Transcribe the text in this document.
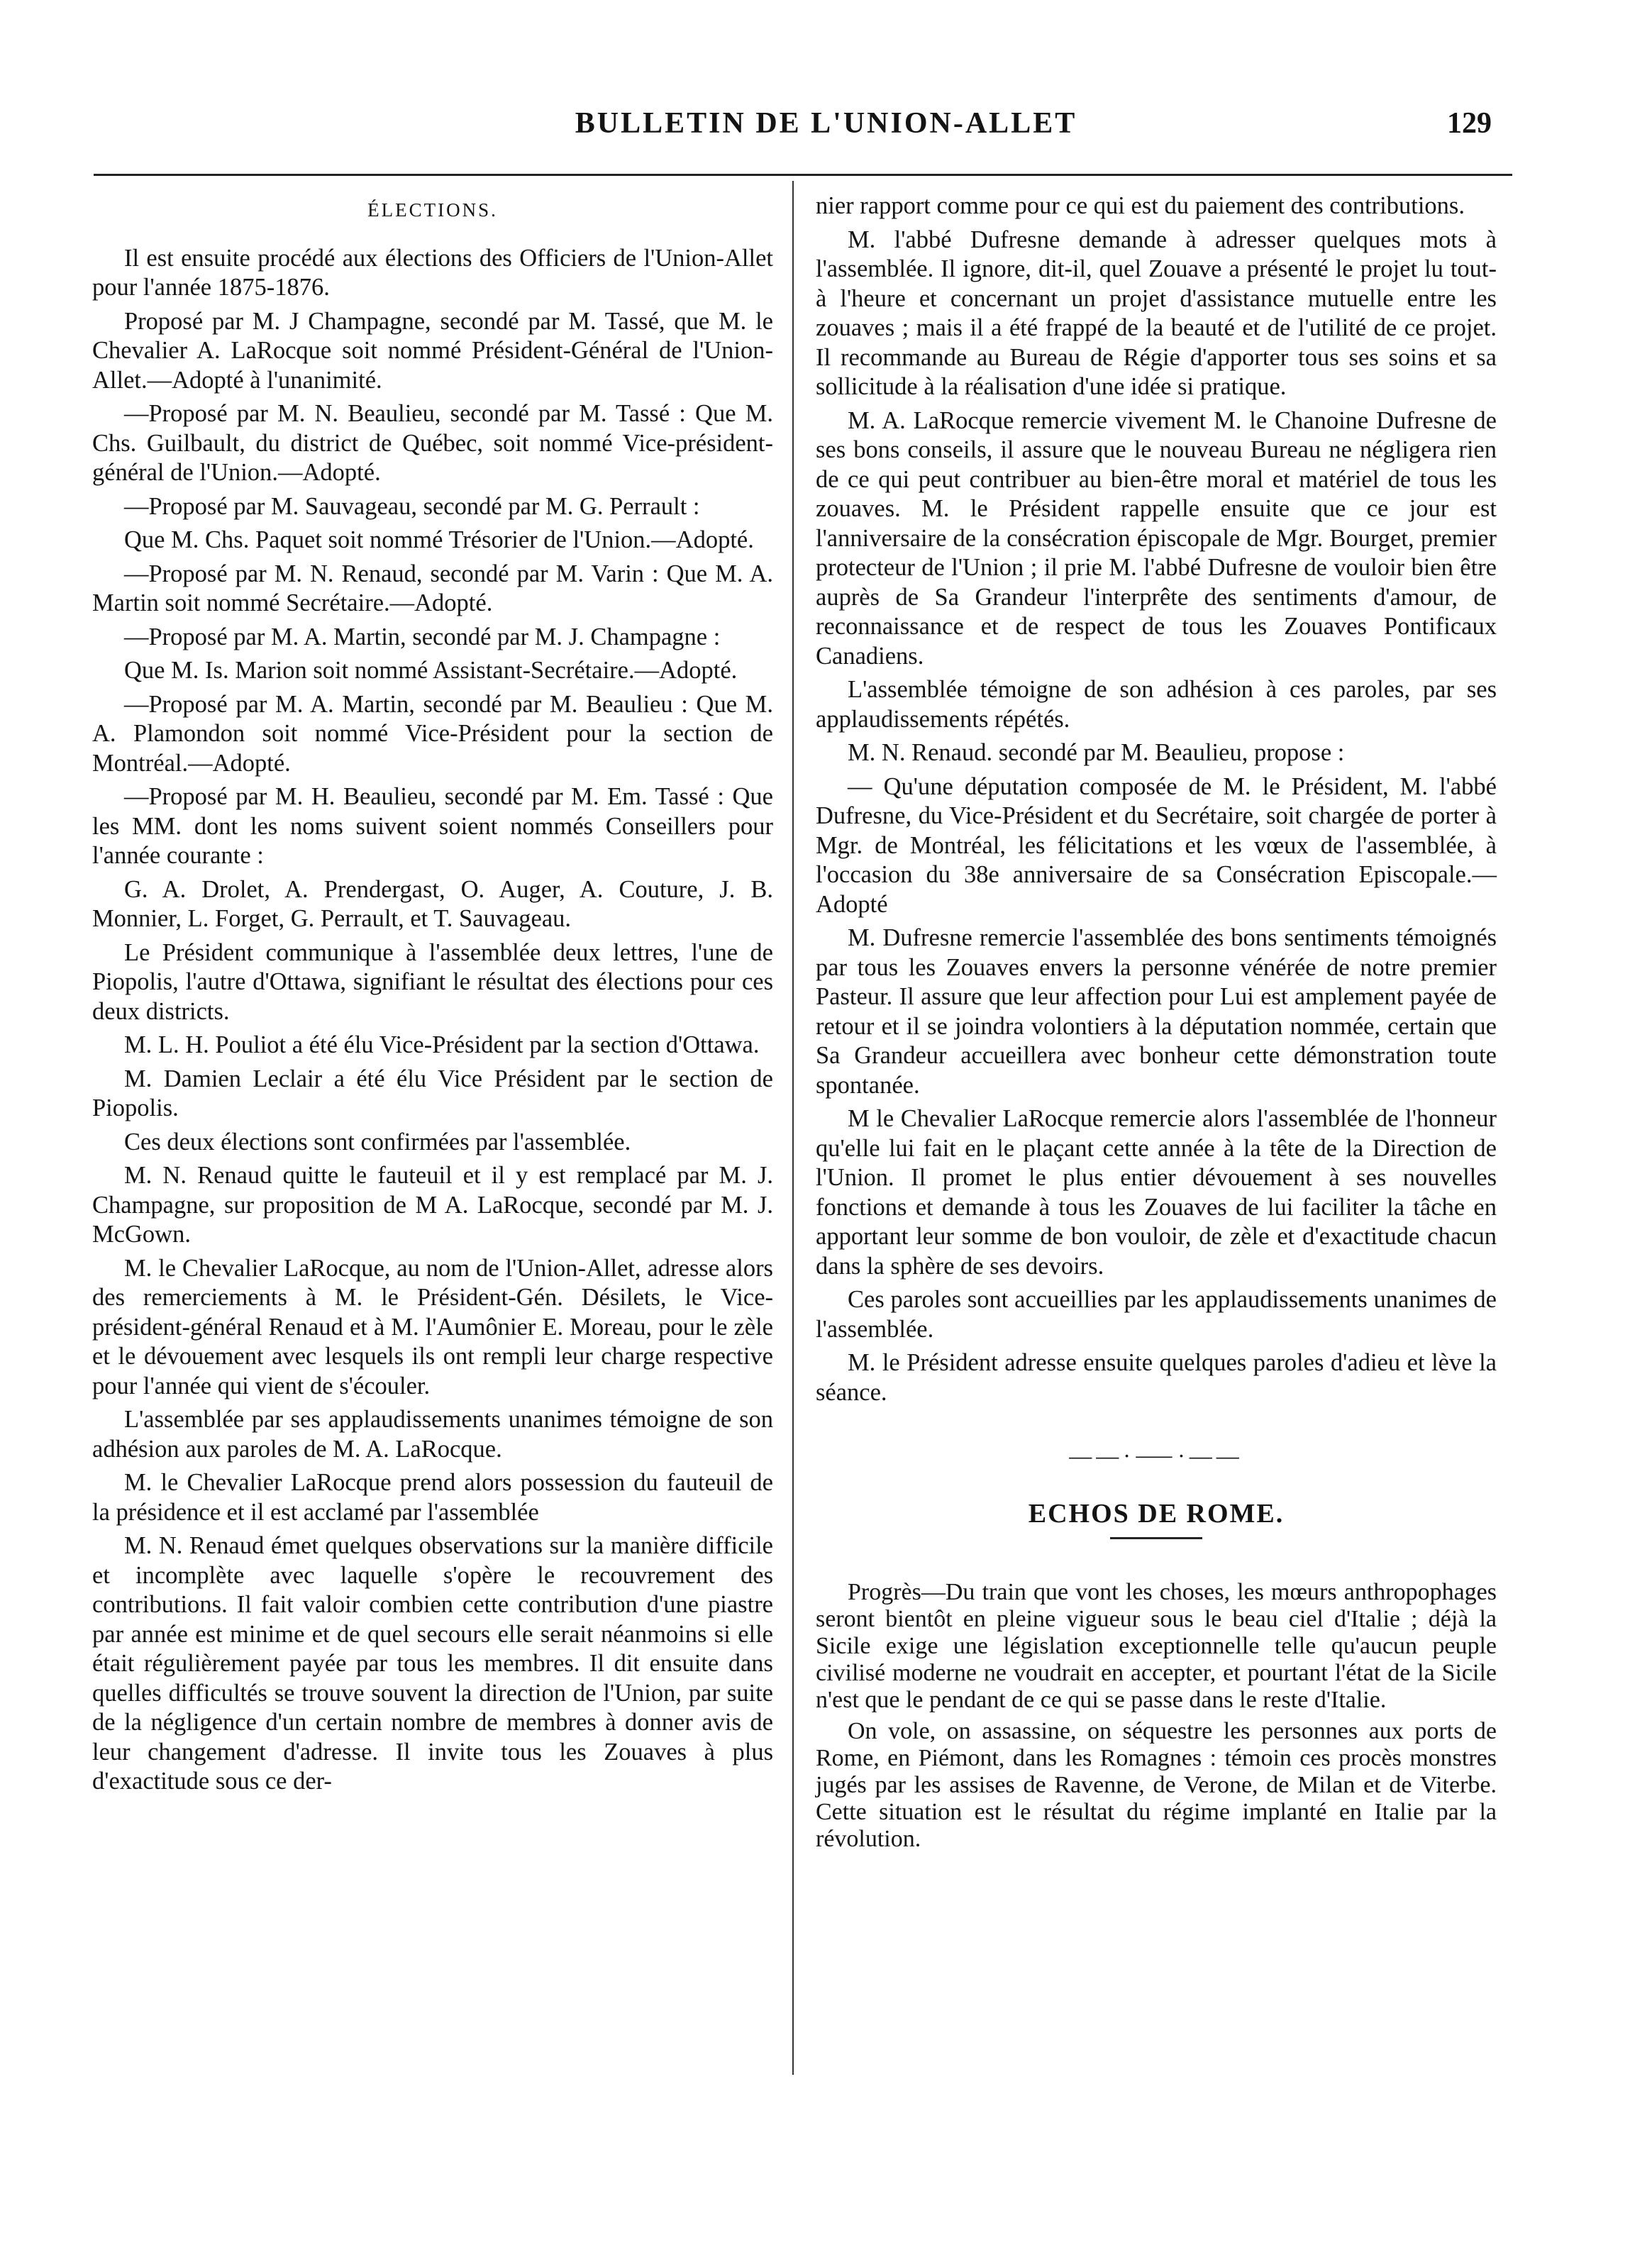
BULLETIN DE L'UNION-ALLET	129
ÉLECTIONS.

Il est ensuite procédé aux élections des Officiers de l'Union-Allet pour l'année 1875-1876.

Proposé par M. J Champagne, secondé par M. Tassé, que M. le Chevalier A. LaRocque soit nommé Président-Général de l'Union-Allet.—Adopté à l'unanimité.

—Proposé par M. N. Beaulieu, secondé par M. Tassé : Que M. Chs. Guilbault, du district de Québec, soit nommé Vice-président-général de l'Union.—Adopté.

—Proposé par M. Sauvageau, secondé par M. G. Perrault :

Que M. Chs. Paquet soit nommé Trésorier de l'Union.—Adopté.

—Proposé par M. N. Renaud, secondé par M. Varin : Que M. A. Martin soit nommé Secrétaire.—Adopté.

—Proposé par M. A. Martin, secondé par M. J. Champagne :

Que M. Is. Marion soit nommé Assistant-Secrétaire.—Adopté.

—Proposé par M. A. Martin, secondé par M. Beaulieu : Que M. A. Plamondon soit nommé Vice-Président pour la section de Montréal.—Adopté.

—Proposé par M. H. Beaulieu, secondé par M. Em. Tassé : Que les MM. dont les noms suivent soient nommés Conseillers pour l'année courante :

G. A. Drolet, A. Prendergast, O. Auger, A. Couture, J. B. Monnier, L. Forget, G. Perrault, et T. Sauvageau.

Le Président communique à l'assemblée deux lettres, l'une de Piopolis, l'autre d'Ottawa, signifiant le résultat des élections pour ces deux districts.

M. L. H. Pouliot a été élu Vice-Président par la section d'Ottawa.

M. Damien Leclair a été élu Vice Président par le section de Piopolis.

Ces deux élections sont confirmées par l'assemblée.

M. N. Renaud quitte le fauteuil et il y est remplacé par M. J. Champagne, sur proposition de M A. LaRocque, secondé par M. J. McGown.

M. le Chevalier LaRocque, au nom de l'Union-Allet, adresse alors des remerciements à M. le Président-Gén. Désilets, le Vice-président-général Renaud et à M. l'Aumônier E. Moreau, pour le zèle et le dévouement avec lesquels ils ont rempli leur charge respective pour l'année qui vient de s'écouler.

L'assemblée par ses applaudissements unanimes témoigne de son adhésion aux paroles de M. A. LaRocque.

M. le Chevalier LaRocque prend alors possession du fauteuil de la présidence et il est acclamé par l'assemblée

M. N. Renaud émet quelques observations sur la manière difficile et incomplète avec laquelle s'opère le recouvrement des contributions. Il fait valoir combien cette contribution d'une piastre par année est minime et de quel secours elle serait néanmoins si elle était régulièrement payée par tous les membres. Il dit ensuite dans quelles difficultés se trouve souvent la direction de l'Union, par suite de la négligence d'un certain nombre de membres à donner avis de leur changement d'adresse. Il invite tous les Zouaves à plus d'exactitude sous ce der-

nier rapport comme pour ce qui est du paiement des contributions.

M. l'abbé Dufresne demande à adresser quelques mots à l'assemblée. Il ignore, dit-il, quel Zouave a présenté le projet lu tout-à l'heure et concernant un projet d'assistance mutuelle entre les zouaves ; mais il a été frappé de la beauté et de l'utilité de ce projet. Il recommande au Bureau de Régie d'apporter tous ses soins et sa sollicitude à la réalisation d'une idée si pratique.

M. A. LaRocque remercie vivement M. le Chanoine Dufresne de ses bons conseils, il assure que le nouveau Bureau ne négligera rien de ce qui peut contribuer au bien-être moral et matériel de tous les zouaves. M. le Président rappelle ensuite que ce jour est l'anniversaire de la consécration épiscopale de Mgr. Bourget, premier protecteur de l'Union ; il prie M. l'abbé Dufresne de vouloir bien être auprès de Sa Grandeur l'interprête des sentiments d'amour, de reconnaissance et de respect de tous les Zouaves Pontificaux Canadiens.

L'assemblée témoigne de son adhésion à ces paroles, par ses applaudissements répétés.

M. N. Renaud. secondé par M. Beaulieu, propose :

— Qu'une députation composée de M. le Président, M. l'abbé Dufresne, du Vice-Président et du Secrétaire, soit chargée de porter à Mgr. de Montréal, les félicitations et les vœux de l'assemblée, à l'occasion du 38e anniversaire de sa Consécration Episcopale.—Adopté

M. Dufresne remercie l'assemblée des bons sentiments témoignés par tous les Zouaves envers la personne vénérée de notre premier Pasteur. Il assure que leur affection pour Lui est amplement payée de retour et il se joindra volontiers à la députation nommée, certain que Sa Grandeur accueillera avec bonheur cette démonstration toute spontanée.

M le Chevalier LaRocque remercie alors l'assemblée de l'honneur qu'elle lui fait en le plaçant cette année à la tête de la Direction de l'Union. Il promet le plus entier dévouement à ses nouvelles fonctions et demande à tous les Zouaves de lui faciliter la tâche en apportant leur somme de bon vouloir, de zèle et d'exactitude chacun dans la sphère de ses devoirs.

Ces paroles sont accueillies par les applaudissements unanimes de l'assemblée.

M. le Président adresse ensuite quelques paroles d'adieu et lève la séance.

——·⸺·——
ECHOS DE ROME.

Progrès—Du train que vont les choses, les mœurs anthropophages seront bientôt en pleine vigueur sous le beau ciel d'Italie ; déjà la Sicile exige une législation exceptionnelle telle qu'aucun peuple civilisé moderne ne voudrait en accepter, et pourtant l'état de la Sicile n'est que le pendant de ce qui se passe dans le reste d'Italie.

On vole, on assassine, on séquestre les personnes aux ports de Rome, en Piémont, dans les Romagnes : témoin ces procès monstres jugés par les assises de Ravenne, de Verone, de Milan et de Viterbe. Cette situation est le résultat du régime implanté en Italie par la révolution.
